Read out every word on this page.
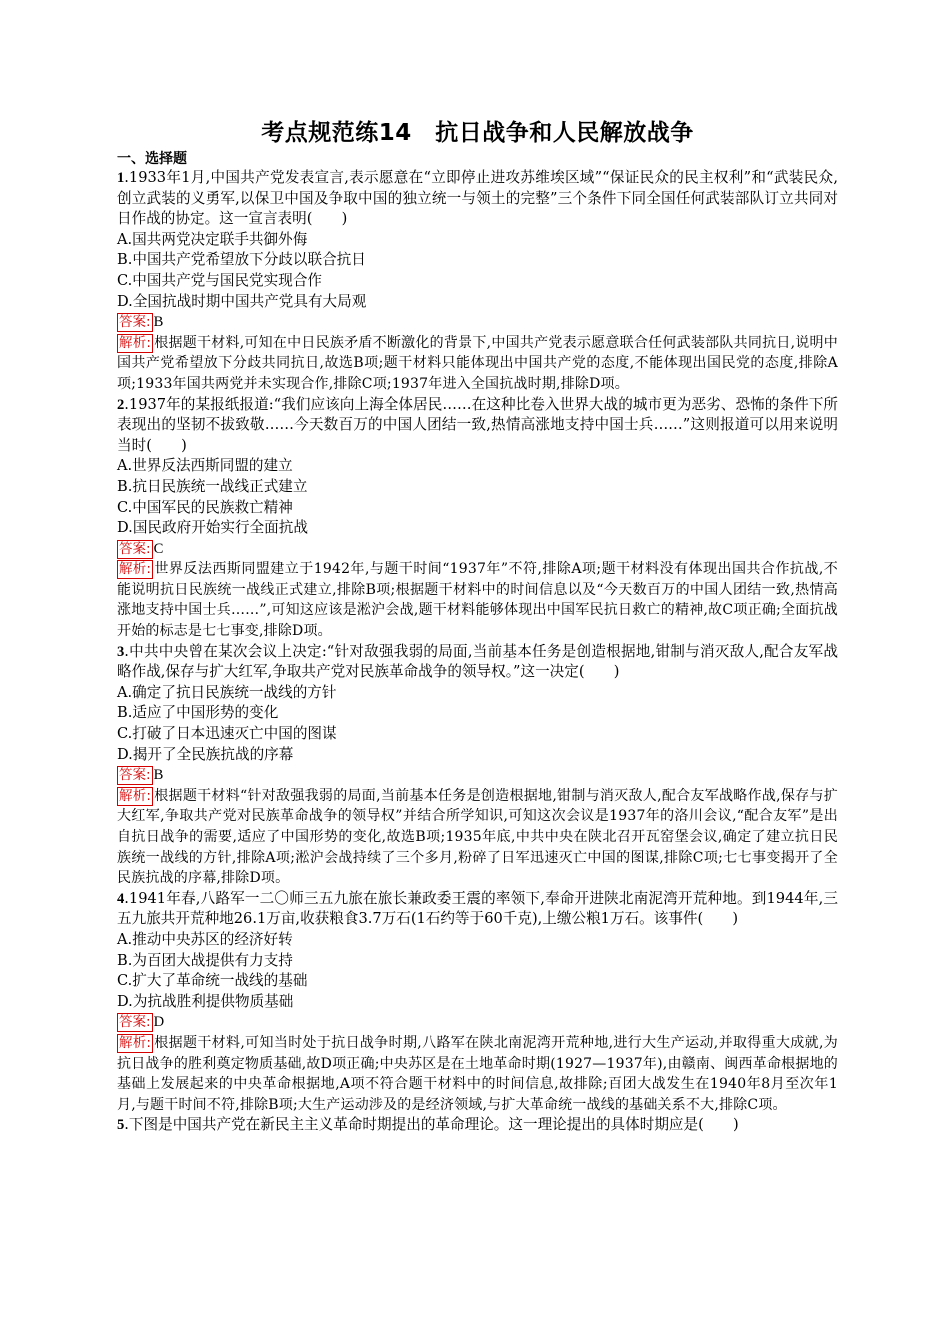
考点规范练14　抗日战争和人民解放战争

一、选择题

1.1933年1月,中国共产党发表宣言,表示愿意在“立即停止进攻苏维埃区域”“保证民众的民主权利”和“武装民众,创立武装的义勇军,以保卫中国及争取中国的独立统一与领土的完整”三个条件下同全国任何武装部队订立共同对日作战的协定。这一宣言表明(　　)

A.国共两党决定联手共御外侮

B.中国共产党希望放下分歧以联合抗日

C.中国共产党与国民党实现合作

D.全国抗战时期中国共产党具有大局观

答案: B

解析: 根据题干材料,可知在中日民族矛盾不断激化的背景下,中国共产党表示愿意联合任何武装部队共同抗日,说明中国共产党希望放下分歧共同抗日,故选B项;题干材料只能体现出中国共产党的态度,不能体现出国民党的态度,排除A项;1933年国共两党并未实现合作,排除C项;1937年进入全国抗战时期,排除D项。

2.1937年的某报纸报道:“我们应该向上海全体居民……在这种比卷入世界大战的城市更为恶劣、恐怖的条件下所表现出的坚韧不拔致敬……今天数百万的中国人团结一致,热情高涨地支持中国士兵……”这则报道可以用来说明当时(　　)

A.世界反法西斯同盟的建立

B.抗日民族统一战线正式建立

C.中国军民的民族救亡精神

D.国民政府开始实行全面抗战

答案: C

解析: 世界反法西斯同盟建立于1942年,与题干时间“1937年”不符,排除A项;题干材料没有体现出国共合作抗战,不能说明抗日民族统一战线正式建立,排除B项;根据题干材料中的时间信息以及“今天数百万的中国人团结一致,热情高涨地支持中国士兵……”,可知这应该是淞沪会战,题干材料能够体现出中国军民抗日救亡的精神,故C项正确;全面抗战开始的标志是七七事变,排除D项。

3.中共中央曾在某次会议上决定:“针对敌强我弱的局面,当前基本任务是创造根据地,钳制与消灭敌人,配合友军战略作战,保存与扩大红军,争取共产党对民族革命战争的领导权。”这一决定(　　)

A.确定了抗日民族统一战线的方针

B.适应了中国形势的变化

C.打破了日本迅速灭亡中国的图谋

D.揭开了全民族抗战的序幕

答案: B

解析: 根据题干材料“针对敌强我弱的局面,当前基本任务是创造根据地,钳制与消灭敌人,配合友军战略作战,保存与扩大红军,争取共产党对民族革命战争的领导权”并结合所学知识,可知这次会议是1937年的洛川会议,“配合友军”是出自抗日战争的需要,适应了中国形势的变化,故选B项;1935年底,中共中央在陕北召开瓦窑堡会议,确定了建立抗日民族统一战线的方针,排除A项;淞沪会战持续了三个多月,粉碎了日军迅速灭亡中国的图谋,排除C项;七七事变揭开了全民族抗战的序幕,排除D项。

4.1941年春,八路军一二〇师三五九旅在旅长兼政委王震的率领下,奉命开进陕北南泥湾开荒种地。到1944年,三五九旅共开荒种地26.1万亩,收获粮食3.7万石(1石约等于60千克),上缴公粮1万石。该事件(　　)

A.推动中央苏区的经济好转

B.为百团大战提供有力支持

C.扩大了革命统一战线的基础

D.为抗战胜利提供物质基础

答案: D

解析: 根据题干材料,可知当时处于抗日战争时期,八路军在陕北南泥湾开荒种地,进行大生产运动,并取得重大成就,为抗日战争的胜利奠定物质基础,故D项正确;中央苏区是在土地革命时期(1927—1937年),由赣南、闽西革命根据地的基础上发展起来的中央革命根据地,A项不符合题干材料中的时间信息,故排除;百团大战发生在1940年8月至次年1月,与题干时间不符,排除B项;大生产运动涉及的是经济领域,与扩大革命统一战线的基础关系不大,排除C项。

5.下图是中国共产党在新民主主义革命时期提出的革命理论。这一理论提出的具体时期应是(　　)
